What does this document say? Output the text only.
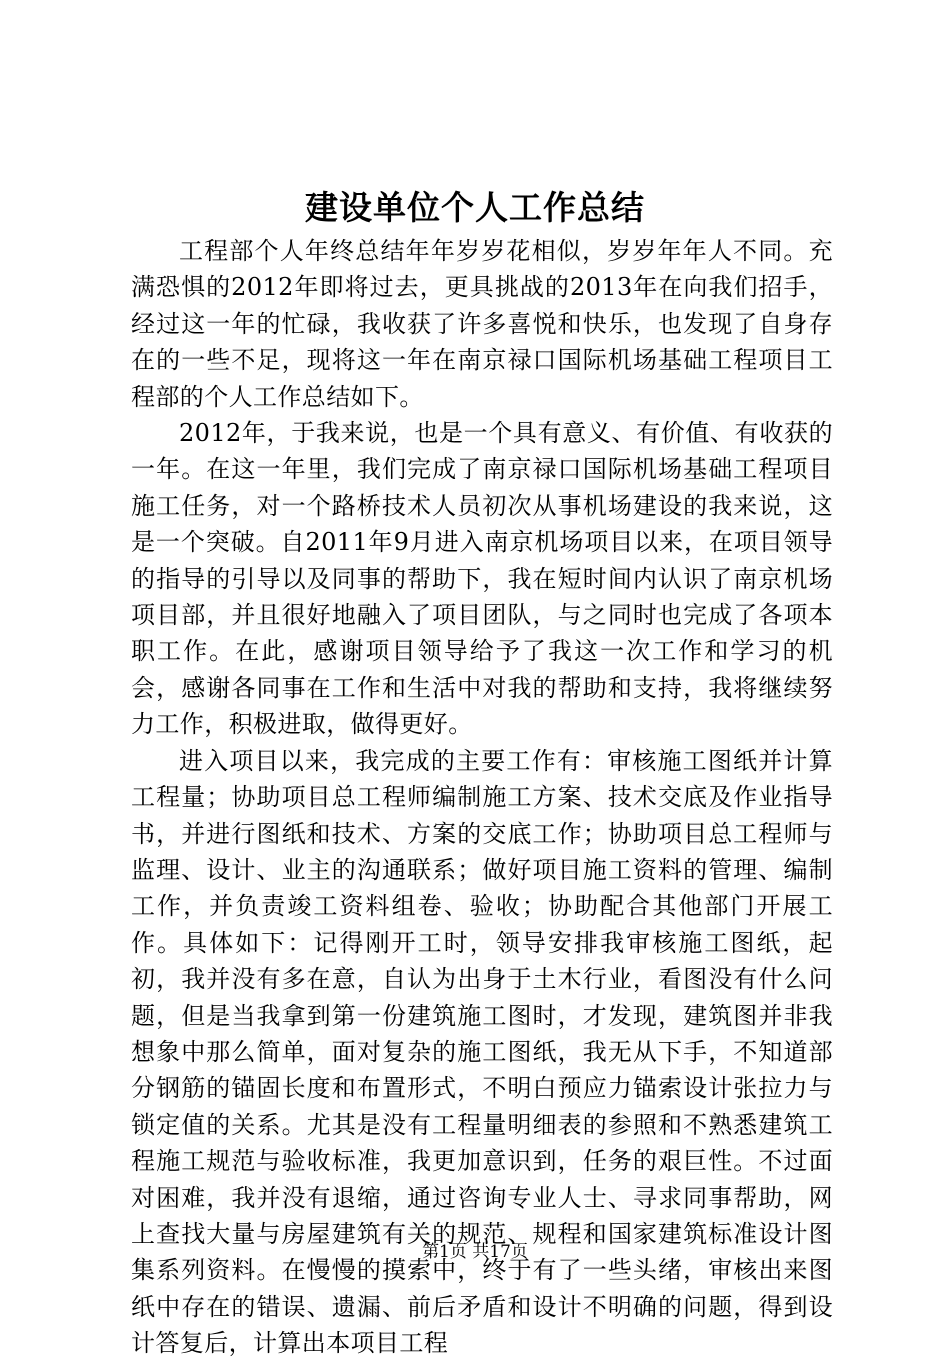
建设单位个人工作总结

工程部个人年终总结年年岁岁花相似，岁岁年年人不同。充满恐惧的2012年即将过去，更具挑战的2013年在向我们招手，经过这一年的忙碌，我收获了许多喜悦和快乐，也发现了自身存在的一些不足，现将这一年在南京禄口国际机场基础工程项目工程部的个人工作总结如下。

2012年，于我来说，也是一个具有意义、有价值、有收获的一年。在这一年里，我们完成了南京禄口国际机场基础工程项目施工任务，对一个路桥技术人员初次从事机场建设的我来说，这是一个突破。自2011年9月进入南京机场项目以来，在项目领导的指导的引导以及同事的帮助下，我在短时间内认识了南京机场项目部，并且很好地融入了项目团队，与之同时也完成了各项本职工作。在此，感谢项目领导给予了我这一次工作和学习的机会，感谢各同事在工作和生活中对我的帮助和支持，我将继续努力工作，积极进取，做得更好。

进入项目以来，我完成的主要工作有：审核施工图纸并计算工程量；协助项目总工程师编制施工方案、技术交底及作业指导书，并进行图纸和技术、方案的交底工作；协助项目总工程师与监理、设计、业主的沟通联系；做好项目施工资料的管理、编制工作，并负责竣工资料组卷、验收；协助配合其他部门开展工作。具体如下：记得刚开工时，领导安排我审核施工图纸，起初，我并没有多在意，自认为出身于土木行业，看图没有什么问题，但是当我拿到第一份建筑施工图时，才发现，建筑图并非我想象中那么简单，面对复杂的施工图纸，我无从下手，不知道部分钢筋的锚固长度和布置形式，不明白预应力锚索设计张拉力与锁定值的关系。尤其是没有工程量明细表的参照和不熟悉建筑工程施工规范与验收标准，我更加意识到，任务的艰巨性。不过面对困难，我并没有退缩，通过咨询专业人士、寻求同事帮助，网上查找大量与房屋建筑有关的规范、规程和国家建筑标准设计图集系列资料。在慢慢的摸索中，终于有了一些头绪，审核出来图纸中存在的错误、遗漏、前后矛盾和设计不明确的问题，得到设计答复后，计算出本项目工程

第1页 共17页
